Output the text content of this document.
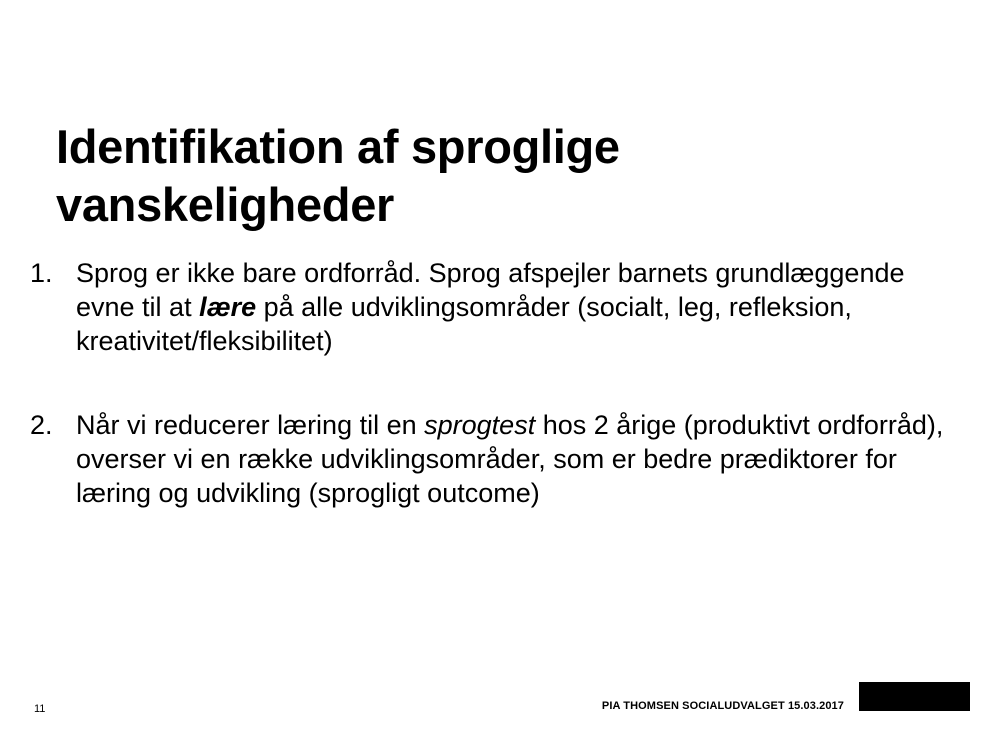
Identifikation af sproglige
vanskeligheder
1. Sprog er ikke bare ordforråd. Sprog afspejler barnets grundlæggende evne til at lære på alle udviklingsområder (socialt, leg, refleksion, kreativitet/fleksibilitet)
2. Når vi reducerer læring til en sprogtest hos 2 årige (produktivt ordforråd), overser vi en række udviklingsområder, som er bedre prædiktorer for læring og udvikling (sprogligt outcome)
11	PIA THOMSEN SOCIALUDVALGET 15.03.2017
